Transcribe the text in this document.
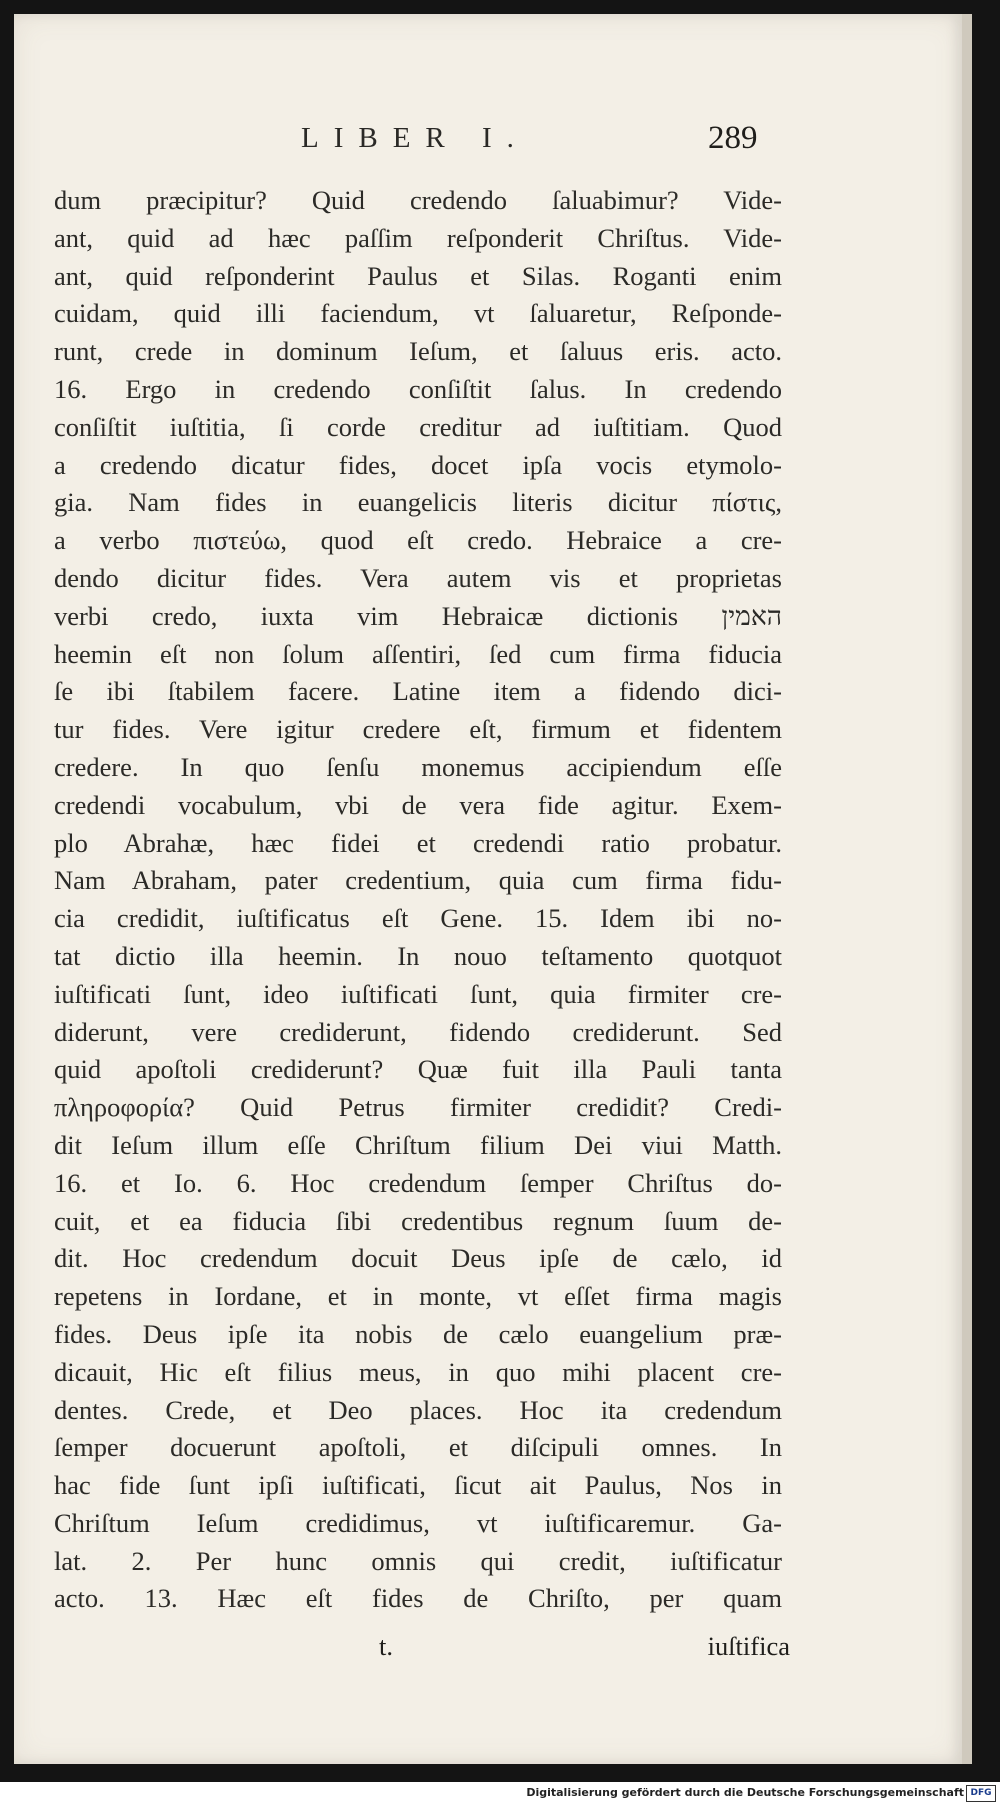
LIBER I.	289
dum præcipitur? Quid credendo ſaluabimur? Vide-
ant, quid ad hæc paſſim reſponderit Chriſtus. Vide-
ant, quid reſponderint Paulus et Silas. Roganti enim
cuidam, quid illi faciendum, vt ſaluaretur, Reſponde-
runt, crede in dominum Ieſum, et ſaluus eris. acto.
16. Ergo in credendo conſiſtit ſalus. In credendo
conſiſtit iuſtitia, ſi corde creditur ad iuſtitiam. Quod
a credendo dicatur fides, docet ipſa vocis etymolo-
gia. Nam fides in euangelicis literis dicitur πίστις,
a verbo πιστεύω, quod eſt credo. Hebraice a cre-
dendo dicitur fides. Vera autem vis et proprietas
verbi credo, iuxta vim Hebraicæ dictionis האמין
heemin eſt non ſolum aſſentiri, ſed cum firma fiducia
ſe ibi ſtabilem facere. Latine item a fidendo dici-
tur fides. Vere igitur credere eſt, firmum et fidentem
credere. In quo ſenſu monemus accipiendum eſſe
credendi vocabulum, vbi de vera fide agitur. Exem-
plo Abrahæ, hæc fidei et credendi ratio probatur.
Nam Abraham, pater credentium, quia cum firma fidu-
cia credidit, iuſtificatus eſt Gene. 15. Idem ibi no-
tat dictio illa heemin. In nouo teſtamento quotquot
iuſtificati ſunt, ideo iuſtificati ſunt, quia firmiter cre-
diderunt, vere crediderunt, fidendo crediderunt. Sed
quid apoſtoli crediderunt? Quæ fuit illa Pauli tanta
πληροφορία? Quid Petrus firmiter credidit? Credi-
dit Ieſum illum eſſe Chriſtum filium Dei viui Matth.
16. et Io. 6. Hoc credendum ſemper Chriſtus do-
cuit, et ea fiducia ſibi credentibus regnum ſuum de-
dit. Hoc credendum docuit Deus ipſe de cælo, id
repetens in Iordane, et in monte, vt eſſet firma magis
fides. Deus ipſe ita nobis de cælo euangelium præ-
dicauit, Hic eſt filius meus, in quo mihi placent cre-
dentes. Crede, et Deo places. Hoc ita credendum
ſemper docuerunt apoſtoli, et diſcipuli omnes. In
hac fide ſunt ipſi iuſtificati, ſicut ait Paulus, Nos in
Chriſtum Ieſum credidimus, vt iuſtificaremur. Ga-
lat. 2. Per hunc omnis qui credit, iuſtificatur
acto. 13. Hæc eſt fides de Chriſto, per quam
t.	iuſtifica
Digitalisierung gefördert durch die Deutsche Forschungsgemeinschaft DFG
